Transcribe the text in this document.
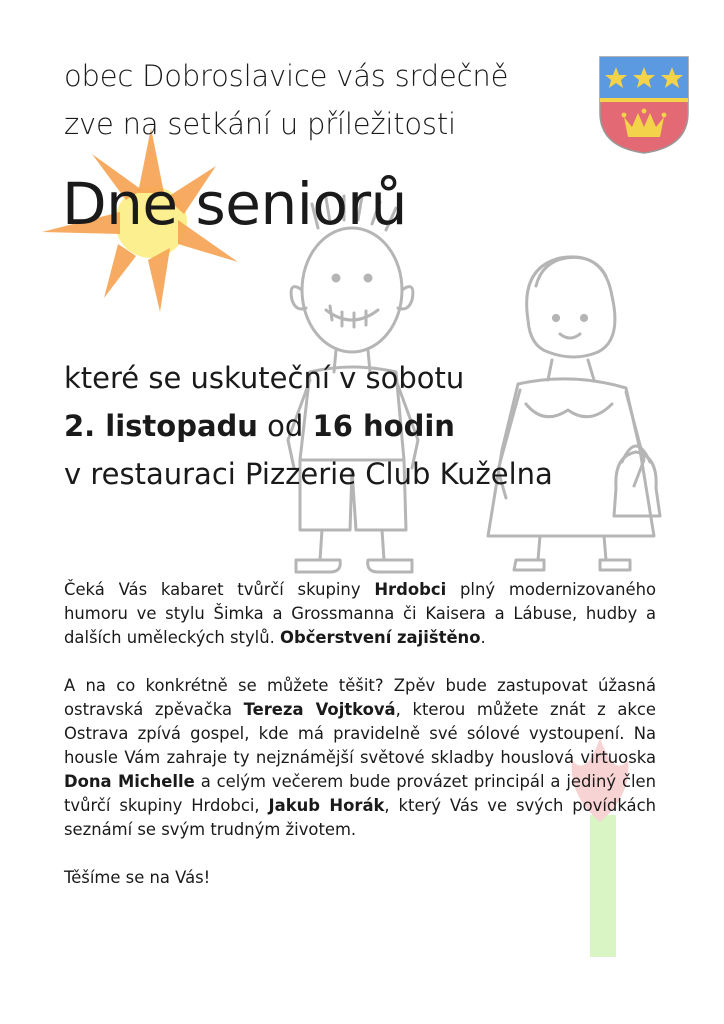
obec Dobroslavice vás srdečně
zve na setkání u příležitosti
Dne seniorů
které se uskuteční v sobotu
2. listopadu od 16 hodin
v restauraci Pizzerie Club Kuželna

Čeká Vás kabaret tvůrčí skupiny Hrdobci plný modernizovaného humoru ve stylu Šimka a Grossmanna či Kaisera a Lábuse, hudby a dalších uměleckých stylů. Občerstvení zajištěno.

A na co konkrétně se můžete těšit? Zpěv bude zastupovat úžasná ostravská zpěvačka Tereza Vojtková, kterou můžete znát z akce Ostrava zpívá gospel, kde má pravidelně své sólové vystoupení. Na housle Vám zahraje ty nejznámější světové skladby houslová virtuoska Dona Michelle a celým večerem bude provázet principál a jediný člen tvůrčí skupiny Hrdobci, Jakub Horák, který Vás ve svých povídkách seznámí se svým trudným životem.

Těšíme se na Vás!
